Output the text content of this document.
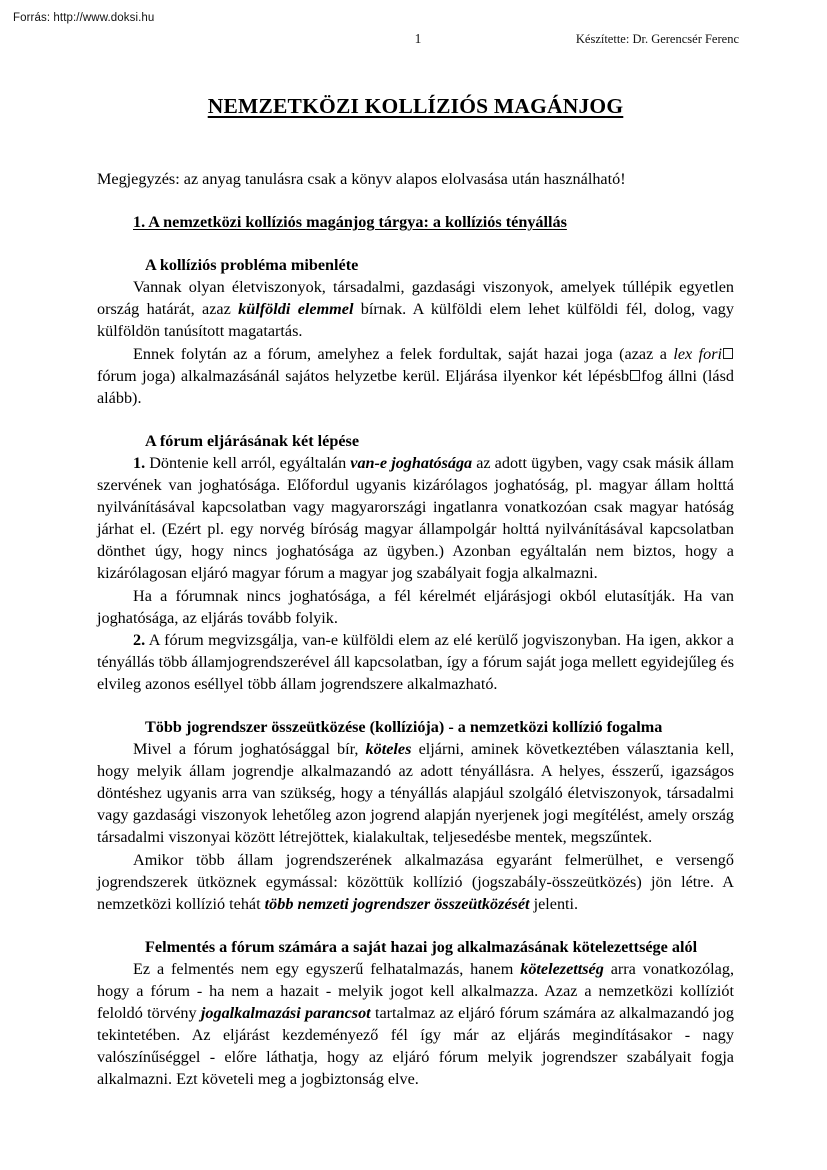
Forrás: http://www.doksi.hu
1	Készítette: Dr. Gerencsér Ferenc
NEMZETKÖZI KOLLÍZIÓS MAGÁNJOG

Megjegyzés: az anyag tanulásra csak a könyv alapos elolvasása után használható!

1. A nemzetközi kollíziós magánjog tárgya: a kollíziós tényállás
A kollíziós probléma mibenléte

Vannak olyan életviszonyok, társadalmi, gazdasági viszonyok, amelyek túllépik egyetlen ország határát, azaz külföldi elemmel bírnak. A külföldi elem lehet külföldi fél, dolog, vagy külföldön tanúsított magatartás.

Ennek folytán az a fórum, amelyhez a felek fordultak, saját hazai joga (azaz a lex fori fórum joga) alkalmazásánál sajátos helyzetbe kerül. Eljárása ilyenkor két lépésb fog állni (lásd alább).

A fórum eljárásának két lépése

1. Döntenie kell arról, egyáltalán van-e joghatósága az adott ügyben, vagy csak másik állam szervének van joghatósága. Előfordul ugyanis kizárólagos joghatóság, pl. magyar állam holttá nyilvánításával kapcsolatban vagy magyarországi ingatlanra vonatkozóan csak magyar hatóság járhat el. (Ezért pl. egy norvég bíróság magyar állampolgár holttá nyilvánításával kapcsolatban dönthet úgy, hogy nincs joghatósága az ügyben.) Azonban egyáltalán nem biztos, hogy a kizárólagosan eljáró magyar fórum a magyar jog szabályait fogja alkalmazni.

Ha a fórumnak nincs joghatósága, a fél kérelmét eljárásjogi okból elutasítják. Ha van joghatósága, az eljárás tovább folyik.

2. A fórum megvizsgálja, van-e külföldi elem az elé kerülő jogviszonyban. Ha igen, akkor a tényállás több államjogrendszerével áll kapcsolatban, így a fórum saját joga mellett egyidejűleg és elvileg azonos eséllyel több állam jogrendszere alkalmazható.

Több jogrendszer összeütközése (kollíziója) - a nemzetközi kollízió fogalma

Mivel a fórum joghatósággal bír, köteles eljárni, aminek következtében választania kell, hogy melyik állam jogrendje alkalmazandó az adott tényállásra. A helyes, ésszerű, igazságos döntéshez ugyanis arra van szükség, hogy a tényállás alapjául szolgáló életviszonyok, társadalmi vagy gazdasági viszonyok lehetőleg azon jogrend alapján nyerjenek jogi megítélést, amely ország társadalmi viszonyai között létrejöttek, kialakultak, teljesedésbe mentek, megszűntek.

Amikor több állam jogrendszerének alkalmazása egyaránt felmerülhet, e versengő jogrendszerek ütköznek egymással: közöttük kollízió (jogszabály-összeütközés) jön létre. A nemzetközi kollízió tehát több nemzeti jogrendszer összeütközését jelenti.

Felmentés a fórum számára a saját hazai jog alkalmazásának kötelezettsége alól

Ez a felmentés nem egy egyszerű felhatalmazás, hanem kötelezettség arra vonatkozólag, hogy a fórum - ha nem a hazait - melyik jogot kell alkalmazza. Azaz a nemzetközi kollíziót feloldó törvény jogalkalmazási parancsot tartalmaz az eljáró fórum számára az alkalmazandó jog tekintetében. Az eljárást kezdeményező fél így már az eljárás megindításakor - nagy valószínűséggel - előre láthatja, hogy az eljáró fórum melyik jogrendszer szabályait fogja alkalmazni. Ezt követeli meg a jogbiztonság elve.
